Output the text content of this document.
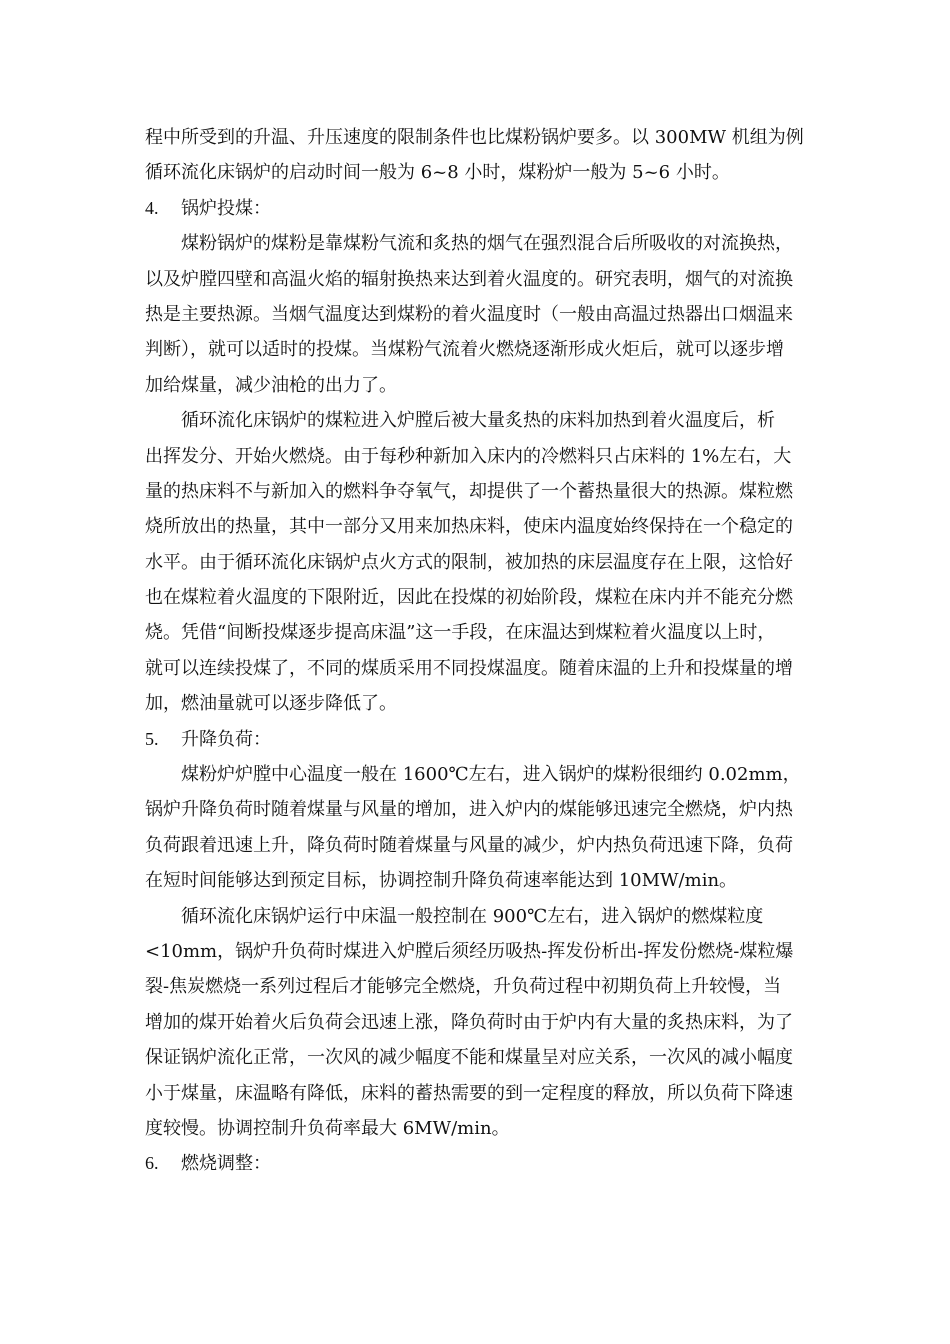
程中所受到的升温、升压速度的限制条件也比煤粉锅炉要多。以 300MW 机组为例
循环流化床锅炉的启动时间一般为 6~8 小时，煤粉炉一般为 5~6 小时。
4. 锅炉投煤：
煤粉锅炉的煤粉是靠煤粉气流和炙热的烟气在强烈混合后所吸收的对流换热，
以及炉膛四壁和高温火焰的辐射换热来达到着火温度的。研究表明，烟气的对流换
热是主要热源。当烟气温度达到煤粉的着火温度时（一般由高温过热器出口烟温来
判断），就可以适时的投煤。当煤粉气流着火燃烧逐渐形成火炬后，就可以逐步增
加给煤量，减少油枪的出力了。
循环流化床锅炉的煤粒进入炉膛后被大量炙热的床料加热到着火温度后，析
出挥发分、开始火燃烧。由于每秒种新加入床内的冷燃料只占床料的 1%左右，大
量的热床料不与新加入的燃料争夺氧气，却提供了一个蓄热量很大的热源。煤粒燃
烧所放出的热量，其中一部分又用来加热床料，使床内温度始终保持在一个稳定的
水平。由于循环流化床锅炉点火方式的限制，被加热的床层温度存在上限，这恰好
也在煤粒着火温度的下限附近，因此在投煤的初始阶段，煤粒在床内并不能充分燃
烧。凭借“间断投煤逐步提高床温”这一手段，在床温达到煤粒着火温度以上时，
就可以连续投煤了，不同的煤质采用不同投煤温度。随着床温的上升和投煤量的增
加，燃油量就可以逐步降低了。
5. 升降负荷：
煤粉炉炉膛中心温度一般在 1600℃左右，进入锅炉的煤粉很细约 0.02mm，
锅炉升降负荷时随着煤量与风量的增加，进入炉内的煤能够迅速完全燃烧，炉内热
负荷跟着迅速上升，降负荷时随着煤量与风量的减少，炉内热负荷迅速下降，负荷
在短时间能够达到预定目标，协调控制升降负荷速率能达到 10MW/min。
循环流化床锅炉运行中床温一般控制在 900℃左右，进入锅炉的燃煤粒度
<10mm，锅炉升负荷时煤进入炉膛后须经历吸热-挥发份析出-挥发份燃烧-煤粒爆
裂-焦炭燃烧一系列过程后才能够完全燃烧，升负荷过程中初期负荷上升较慢，当
增加的煤开始着火后负荷会迅速上涨，降负荷时由于炉内有大量的炙热床料，为了
保证锅炉流化正常，一次风的减少幅度不能和煤量呈对应关系，一次风的减小幅度
小于煤量，床温略有降低，床料的蓄热需要的到一定程度的释放，所以负荷下降速
度较慢。协调控制升负荷率最大 6MW/min。
6. 燃烧调整：
